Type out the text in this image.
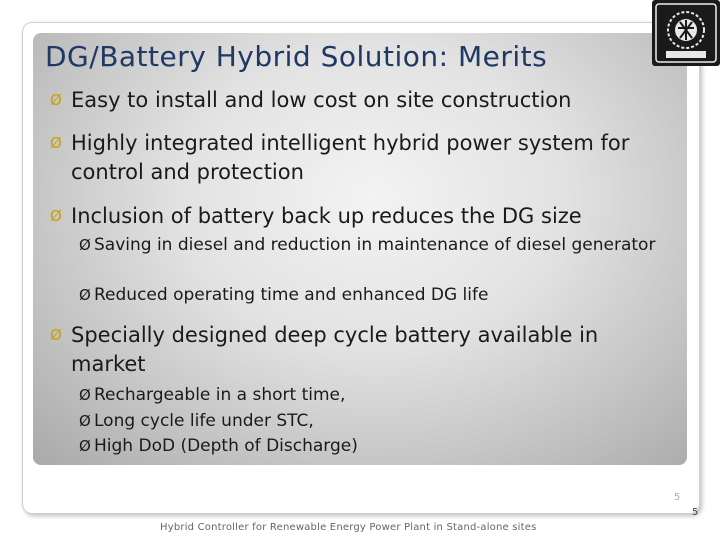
DG/Battery Hybrid Solution: Merits
Ø Easy to install and low cost on site construction
Ø Highly integrated intelligent hybrid power system for control and protection
Ø Inclusion of battery back up reduces the DG size
Ø Saving in diesel and reduction in maintenance of diesel generator
Ø Reduced operating time and enhanced DG life
Ø Specially designed deep cycle battery available in market
Ø Rechargeable in a short time,
Ø Long cycle life under STC,
Ø High DoD (Depth of Discharge)
5
5
Hybrid Controller for Renewable Energy Power Plant in Stand-alone sites
